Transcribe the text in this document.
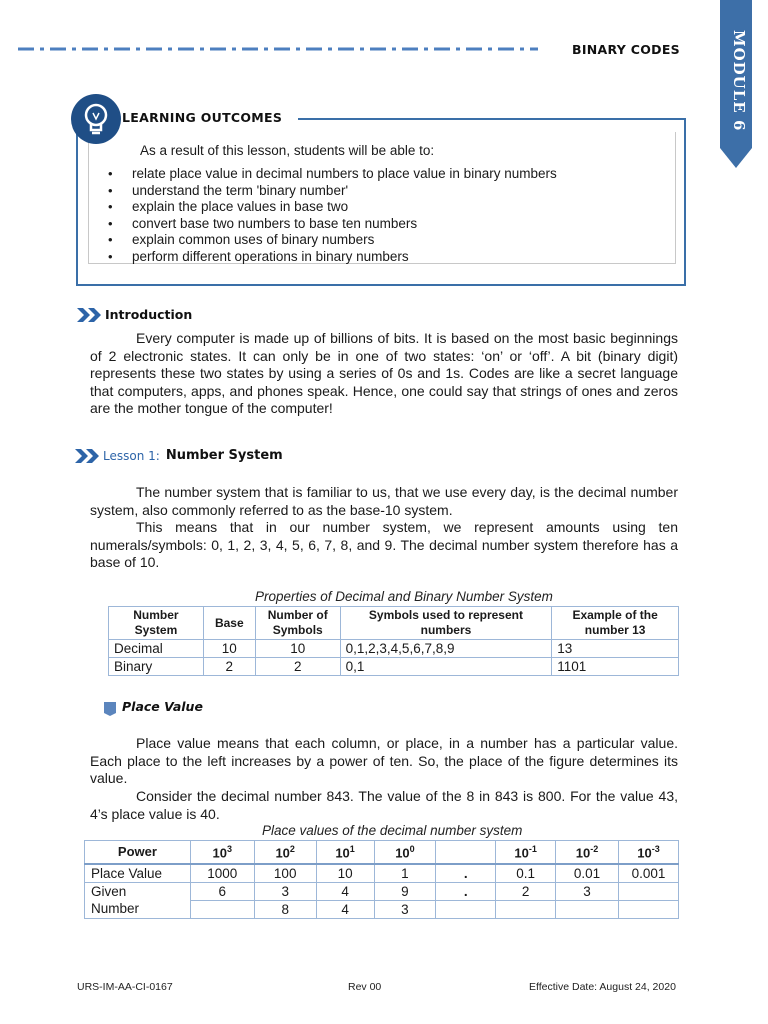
BINARY CODES	MODULE 6
LEARNING OUTCOMES
As a result of this lesson, students will be able to:
• relate place value in decimal numbers to place value in binary numbers
• understand the term 'binary number'
• explain the place values in base two
• convert base two numbers to base ten numbers
• explain common uses of binary numbers
• perform different operations in binary numbers
Introduction

Every computer is made up of billions of bits. It is based on the most basic beginnings of 2 electronic states. It can only be in one of two states: ‘on’ or ‘off’. A bit (binary digit) represents these two states by using a series of 0s and 1s. Codes are like a secret language that computers, apps, and phones speak. Hence, one could say that strings of ones and zeros are the mother tongue of the computer!

Lesson 1: Number System

The number system that is familiar to us, that we use every day, is the decimal number system, also commonly referred to as the base-10 system.

This means that in our number system, we represent amounts using ten numerals/symbols: 0, 1, 2, 3, 4, 5, 6, 7, 8, and 9. The decimal number system therefore has a base of 10.

Properties of Decimal and Binary Number System
Number System	Base	Number of Symbols	Symbols used to represent numbers	Example of the number 13
Decimal	10	10	0,1,2,3,4,5,6,7,8,9	13
Binary	2	2	0,1	1101
Place Value

Place value means that each column, or place, in a number has a particular value. Each place to the left increases by a power of ten. So, the place of the figure determines its value.

Consider the decimal number 843. The value of the 8 in 843 is 800. For the value 43, 4’s place value is 40.

Place values of the decimal number system
Power	$10^3$	$10^2$	$10^1$	$10^0$		$10^{-1}$	$10^{-2}$	$10^{-3}$
Place Value	1000	100	10	1	.	0.1	0.01	0.001
Given	6	3	4	9	.	2	3	
Number		8	4	3				
URS-IM-AA-CI-0167	Rev 00	Effective Date: August 24, 2020
